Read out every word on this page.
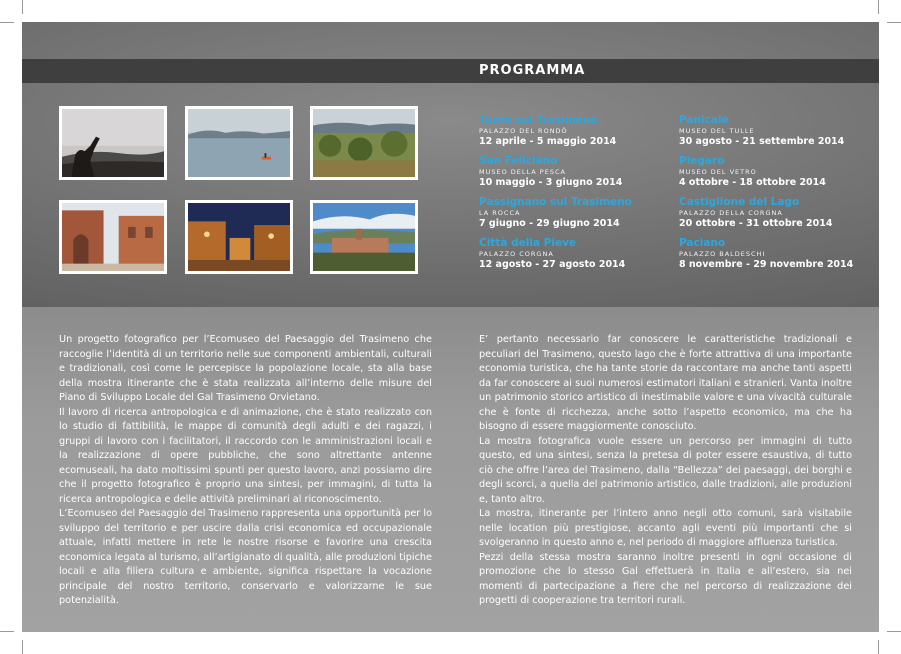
PROGRAMMA
Tuoro sul Trasimeno
PALAZZO DEL RONDÒ
12 aprile - 5 maggio 2014
San Feliciano
MUSEO DELLA PESCA
10 maggio - 3 giugno 2014
Passignano sul Trasimeno
LA ROCCA
7 giugno - 29 giugno 2014
Città della Pieve
PALAZZO CORGNA
12 agosto - 27 agosto 2014
Panicale
MUSEO DEL TULLE
30 agosto - 21 settembre 2014
Piegaro
MUSEO DEL VETRO
4 ottobre - 18 ottobre 2014
Castiglione del Lago
PALAZZO DELLA CORGNA
20 ottobre - 31 ottobre 2014
Paciano
PALAZZO BALDESCHI
8 novembre - 29 novembre 2014

Un progetto fotografico per l’Ecomuseo del Paesaggio del Trasimeno che raccoglie l’identità di un territorio nelle sue componenti ambientali, culturali e tradizionali, così come le percepisce la popolazione locale, sta alla base della mostra itinerante che è stata realizzata all’interno delle misure del Piano di Sviluppo Locale del Gal Trasimeno Orvietano.

Il lavoro di ricerca antropologica e di animazione, che è stato realizzato con lo studio di fattibilità, le mappe di comunità degli adulti e dei ragazzi, i gruppi di lavoro con i facilitatori, il raccordo con le amministrazioni locali e la realizzazione di opere pubbliche, che sono altrettante antenne ecomuseali, ha dato moltissimi spunti per questo lavoro, anzi possiamo dire che il progetto fotografico è proprio una sintesi, per immagini, di tutta la ricerca antropologica e delle attività preliminari al riconoscimento.

L’Ecomuseo del Paesaggio del Trasimeno rappresenta una opportunità per lo sviluppo del territorio e per uscire dalla crisi economica ed occupazionale attuale, infatti mettere in rete le nostre risorse e favorire una crescita economica legata al turismo, all’artigianato di qualità, alle produzioni tipiche locali e alla filiera cultura e ambiente, significa rispettare la vocazione principale del nostro territorio, conservarlo e valorizzarne le sue potenzialità.

E’ pertanto necessario far conoscere le caratteristiche tradizionali e peculiari del Trasimeno, questo lago che è forte attrattiva di una importante economia turistica, che ha tante storie da raccontare ma anche tanti aspetti da far conoscere ai suoi numerosi estimatori italiani e stranieri. Vanta inoltre un patrimonio storico artistico di inestimabile valore e una vivacità culturale che è fonte di ricchezza, anche sotto l’aspetto economico, ma che ha bisogno di essere maggiormente conosciuto.

La mostra fotografica vuole essere un percorso per immagini di tutto questo, ed una sintesi, senza la pretesa di poter essere esaustiva, di tutto ciò che offre l’area del Trasimeno, dalla “Bellezza” dei paesaggi, dei borghi e degli scorci, a quella del patrimonio artistico, dalle tradizioni, alle produzioni e, tanto altro.

La mostra, itinerante per l’intero anno negli otto comuni, sarà visitabile nelle location più prestigiose, accanto agli eventi più importanti che si svolgeranno in questo anno e, nel periodo di maggiore affluenza turistica.

Pezzi della stessa mostra saranno inoltre presenti in ogni occasione di promozione che lo stesso Gal effettuerà in Italia e all’estero, sia nei momenti di partecipazione a fiere che nel percorso di realizzazione dei progetti di cooperazione tra territori rurali.
